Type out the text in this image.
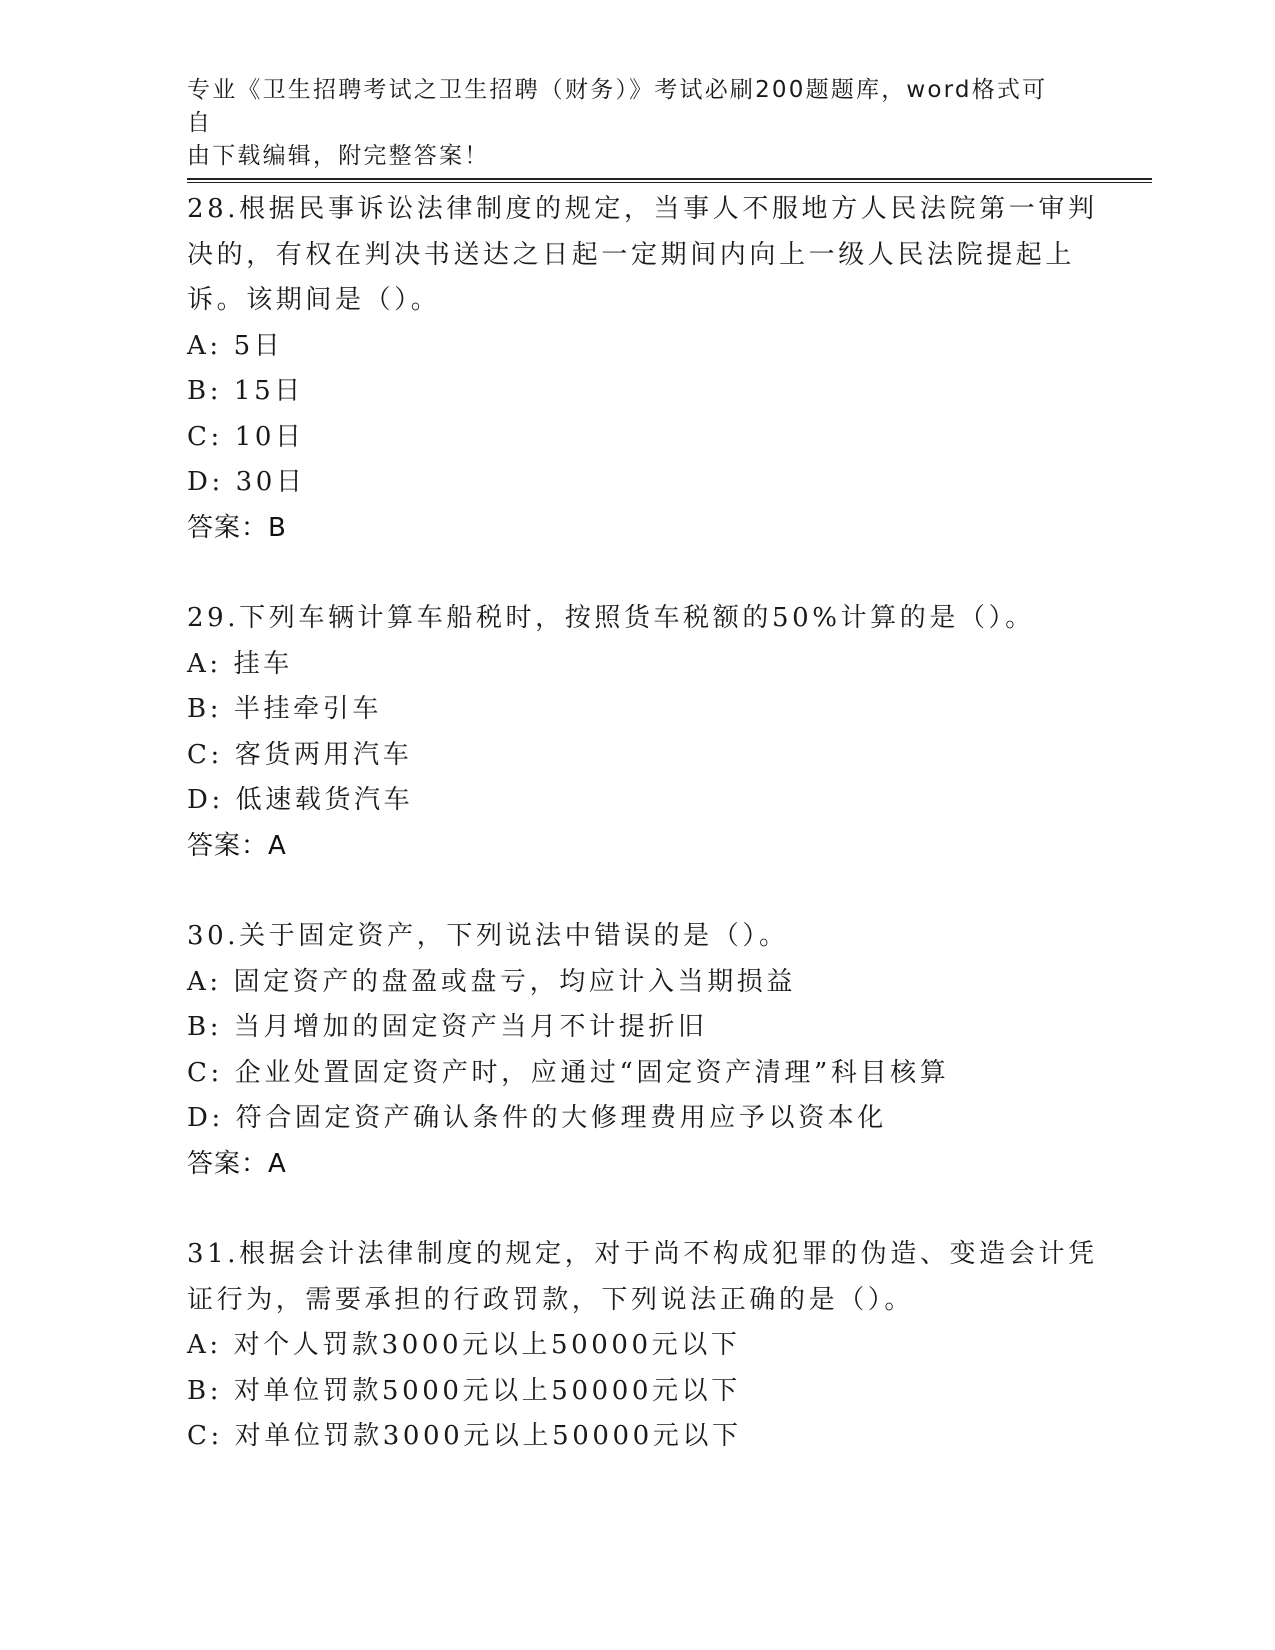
专业《卫生招聘考试之卫生招聘（财务）》考试必刷200题题库，word格式可自
由下载编辑，附完整答案！
28.根据民事诉讼法律制度的规定，当事人不服地方人民法院第一审判
决的，有权在判决书送达之日起一定期间内向上一级人民法院提起上
诉。该期间是（）。
A: 5日
B: 15日
C: 10日
D: 30日
答案：B
29.下列车辆计算车船税时，按照货车税额的50%计算的是（）。
A: 挂车
B: 半挂牵引车
C: 客货两用汽车
D: 低速载货汽车
答案：A
30.关于固定资产，下列说法中错误的是（）。
A: 固定资产的盘盈或盘亏，均应计入当期损益
B: 当月增加的固定资产当月不计提折旧
C: 企业处置固定资产时，应通过“固定资产清理”科目核算
D: 符合固定资产确认条件的大修理费用应予以资本化
答案：A
31.根据会计法律制度的规定，对于尚不构成犯罪的伪造、变造会计凭
证行为，需要承担的行政罚款，下列说法正确的是（）。
A: 对个人罚款3000元以上50000元以下
B: 对单位罚款5000元以上50000元以下
C: 对单位罚款3000元以上50000元以下
